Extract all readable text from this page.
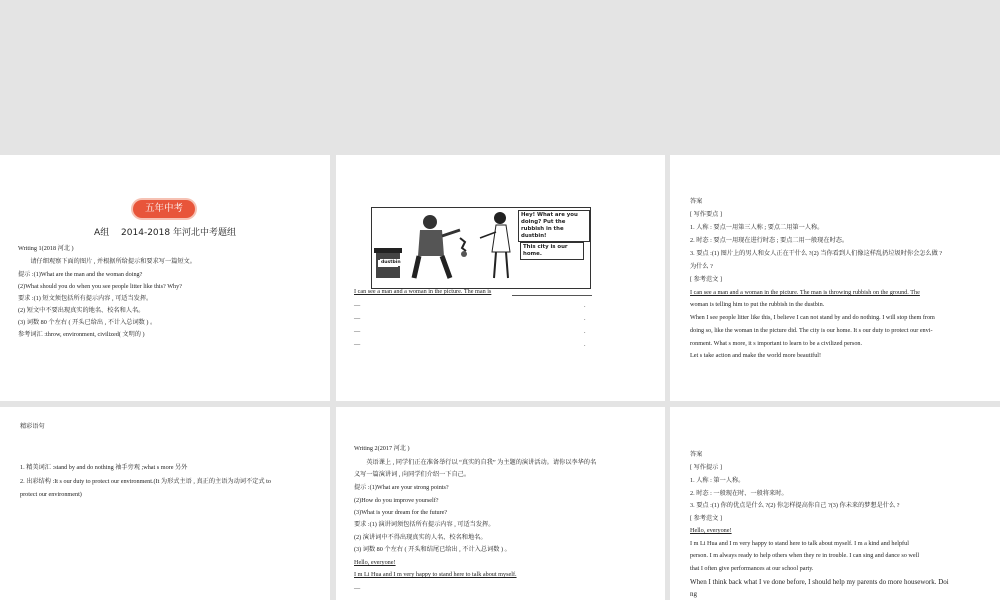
五年中考
A组　 2014-2018 年河北中考题组
Writing 1(2018 河北 )
　　请仔细观察下面的图片 , 并根据所给提示和要求写一篇短文。
提示 :(1)What are the man and the woman doing?
(2)What should you do when you see people litter like this? Why?
要求 :(1) 短文须包括所有提示内容 , 可适当发挥。
(2) 短文中不要出现真实的地名、校名和人名。
(3) 词数 80 个左右 ( 开头已给出 , 不计入总词数 ) 。
参考词汇 :throw, environment, civilized( 文明的 )
Hey! What are you doing? Put the rubbish in the dustbin!
This city is our home.
dustbin
I can see a man and a woman in the picture. The man is
—	.
—	.
—	.
—	.
答案
[ 写作要点 ]
1. 人称 : 要点一用第三人称 ; 要点二用第一人称。
2. 时态 : 要点一用现在进行时态 ; 要点二用一般现在时态。
3. 要点 :(1) 图片上的男人和女人正在干什么 ?(2) 当你看到人们像这样乱扔垃圾时你会怎么做 ?
为什么 ?
[ 参考范文 ]
I can see a man and a woman in the picture. The man is throwing rubbish on the ground. The
woman is telling him to put the rubbish in the dustbin.
When I see people litter like this, I believe I can not stand by and do nothing. I will stop them from
doing so, like the woman in the picture did. The city is our home. It s our duty to protect our envi-
ronment. What s more, it s important to learn to be a civilized person.
Let s take action and make the world more beautiful!
精彩语句
1. 精美词汇 :stand by and do nothing 袖手旁观 ;what s more 另外
2. 出彩结构 :It s our duty to protect our environment.(It 为形式主语 , 真正的主语为动词不定式 to
protect our environment)
Writing 2(2017 河北 )
　　英语课上 , 同学们正在准备举行以 “真实的自我” 为主题的演讲活动。请你以李华的名
义写一篇演讲词 , 向同学们介绍一下自己。
提示 :(1)What are your strong points?
(2)How do you improve yourself?
(3)What is your dream for the future?
要求 :(1) 演讲词须包括所有提示内容 , 可适当发挥。
(2) 演讲词中不得出现真实的人名、校名和地名。
(3) 词数 80 个左右 ( 开头和结尾已给出 , 不计入总词数 ) 。
Hello, everyone!
I m Li Hua and I m very happy to stand here to talk about myself.
—
答案
[ 写作提示 ]
1. 人称 : 第一人称。
2. 时态 : 一般现在时、一般将来时。
3. 要点 :(1) 你的优点是什么 ?(2) 你怎样提高你自己 ?(3) 你未来的梦想是什么 ?
[ 参考范文 ]
Hello, everyone!
I m Li Hua and I m very happy to stand here to talk about myself. I m a kind and helpful
person. I m always ready to help others when they re in trouble. I can sing and dance so well
that I often give performances at our school party.
When I think back what I ve done before, I should help my parents do more housework. Doi
ng
